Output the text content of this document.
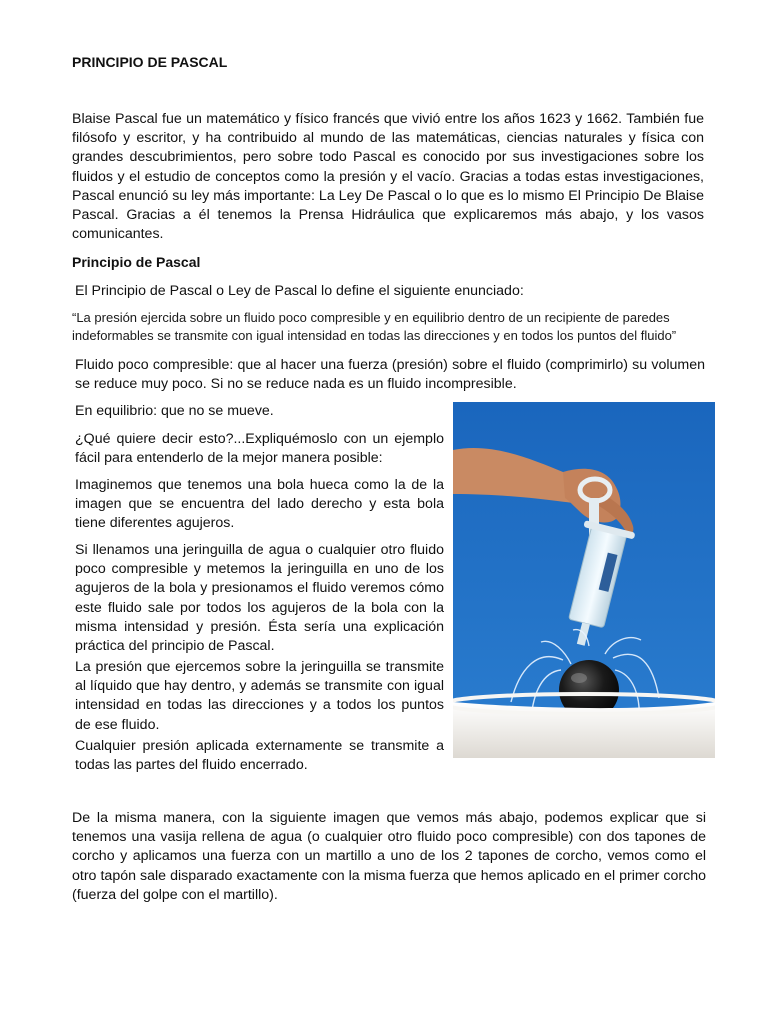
PRINCIPIO DE PASCAL

Blaise Pascal fue un matemático y físico francés que vivió entre los años 1623 y 1662. También fue filósofo y escritor, y ha contribuido al mundo de las matemáticas, ciencias naturales y física con grandes descubrimientos, pero sobre todo Pascal es conocido por sus investigaciones sobre los fluidos y el estudio de conceptos como la presión y el vacío. Gracias a todas estas investigaciones, Pascal enunció su ley más importante: La Ley De Pascal o lo que es lo mismo El Principio De Blaise Pascal. Gracias a él tenemos la Prensa Hidráulica que explicaremos más abajo, y los vasos comunicantes.

Principio de Pascal

El Principio de Pascal o Ley de Pascal lo define el siguiente enunciado:

“La presión ejercida sobre un fluido poco compresible y en equilibrio dentro de un recipiente de paredes indeformables se transmite con igual intensidad en todas las direcciones y en todos los puntos del fluido”

Fluido poco compresible: que al hacer una fuerza (presión) sobre el fluido (comprimirlo) su volumen se reduce muy poco. Si no se reduce nada es un fluido incompresible.

En equilibrio: que no se mueve.

¿Qué quiere decir esto?...Expliquémoslo con un ejemplo fácil para entenderlo de la mejor manera posible:

Imaginemos que tenemos una bola hueca como la de la imagen que se encuentra del lado derecho y esta bola tiene diferentes agujeros.

Si llenamos una jeringuilla de agua o cualquier otro fluido poco compresible y metemos la jeringuilla en uno de los agujeros de la bola y presionamos el fluido veremos cómo este fluido sale por todos los agujeros de la bola con la misma intensidad y presión. Ésta sería una explicación práctica del principio de Pascal.

La presión que ejercemos sobre la jeringuilla se transmite al líquido que hay dentro, y además se transmite con igual intensidad en todas las direcciones y a todos los puntos de ese fluido.

Cualquier presión aplicada externamente se transmite a todas las partes del fluido encerrado.

De la misma manera, con la siguiente imagen que vemos más abajo, podemos explicar que si tenemos una vasija rellena de agua (o cualquier otro fluido poco compresible) con dos tapones de corcho y aplicamos una fuerza con un martillo a uno de los 2 tapones de corcho, vemos como el otro tapón sale disparado exactamente con la misma fuerza que hemos aplicado en el primer corcho (fuerza del golpe con el martillo).
